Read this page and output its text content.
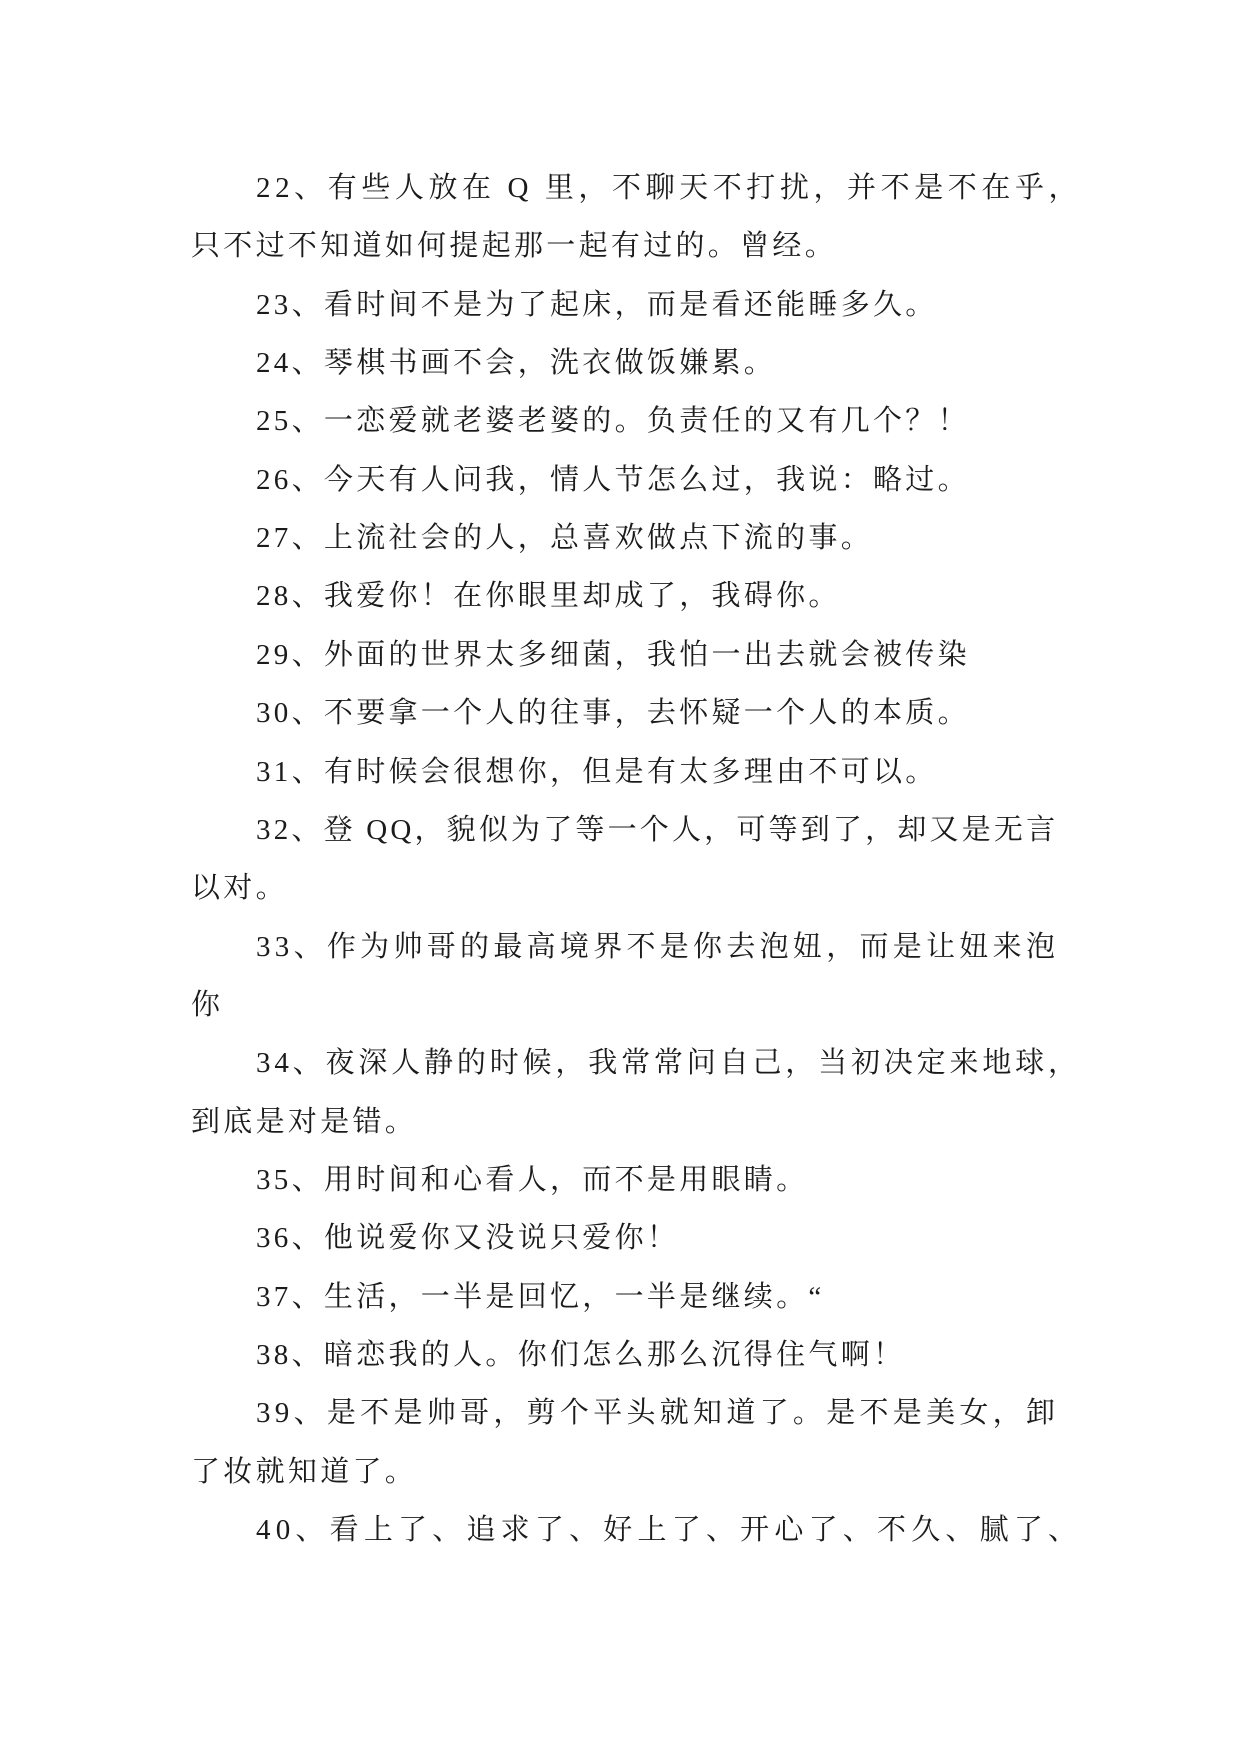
22、有些人放在 Q 里，不聊天不打扰，并不是不在乎，
只不过不知道如何提起那一起有过的。曾经。
23、看时间不是为了起床，而是看还能睡多久。
24、琴棋书画不会，洗衣做饭嫌累。
25、一恋爱就老婆老婆的。负责任的又有几个？！
26、今天有人问我，情人节怎么过，我说：略过。
27、上流社会的人，总喜欢做点下流的事。
28、我爱你！在你眼里却成了，我碍你。
29、外面的世界太多细菌，我怕一出去就会被传染
30、不要拿一个人的往事，去怀疑一个人的本质。
31、有时候会很想你，但是有太多理由不可以。
32、登 QQ，貌似为了等一个人，可等到了，却又是无言
以对。
33、作为帅哥的最高境界不是你去泡妞，而是让妞来泡
你
34、夜深人静的时候，我常常问自己，当初决定来地球，
到底是对是错。
35、用时间和心看人，而不是用眼睛。
36、他说爱你又没说只爱你！
37、生活，一半是回忆，一半是继续。“
38、暗恋我的人。你们怎么那么沉得住气啊！
39、是不是帅哥，剪个平头就知道了。是不是美女，卸
了妆就知道了。
40、看上了、追求了、好上了、开心了、不久、腻了、
